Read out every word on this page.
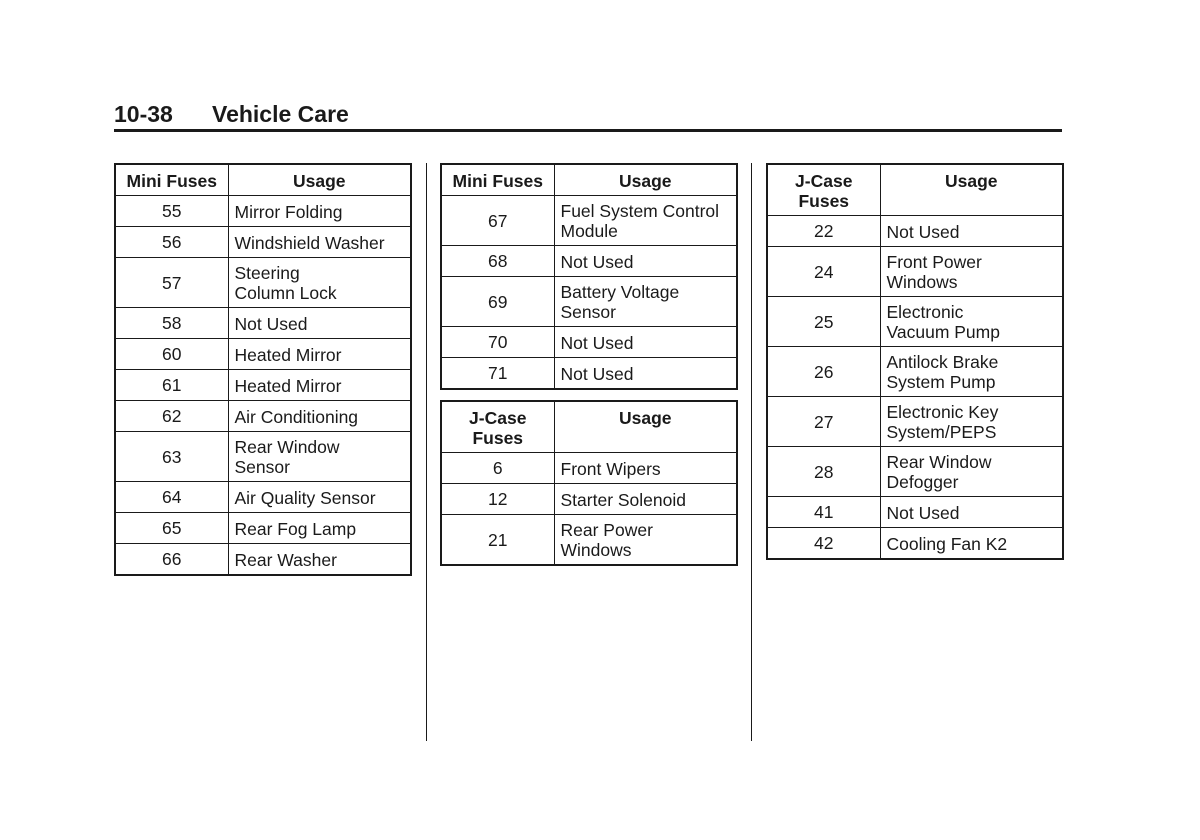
10-38	Vehicle Care
Mini Fuses	Usage
55	Mirror Folding
56	Windshield Washer
57	Steering
Column Lock
58	Not Used
60	Heated Mirror
61	Heated Mirror
62	Air Conditioning
63	Rear Window
Sensor
64	Air Quality Sensor
65	Rear Fog Lamp
66	Rear Washer
Mini Fuses	Usage
67	Fuel System Control
Module
68	Not Used
69	Battery Voltage
Sensor
70	Not Used
71	Not Used
J-Case
Fuses	Usage
6	Front Wipers
12	Starter Solenoid
21	Rear Power
Windows
J-Case
Fuses	Usage
22	Not Used
24	Front Power
Windows
25	Electronic
Vacuum Pump
26	Antilock Brake
System Pump
27	Electronic Key
System/PEPS
28	Rear Window
Defogger
41	Not Used
42	Cooling Fan K2
